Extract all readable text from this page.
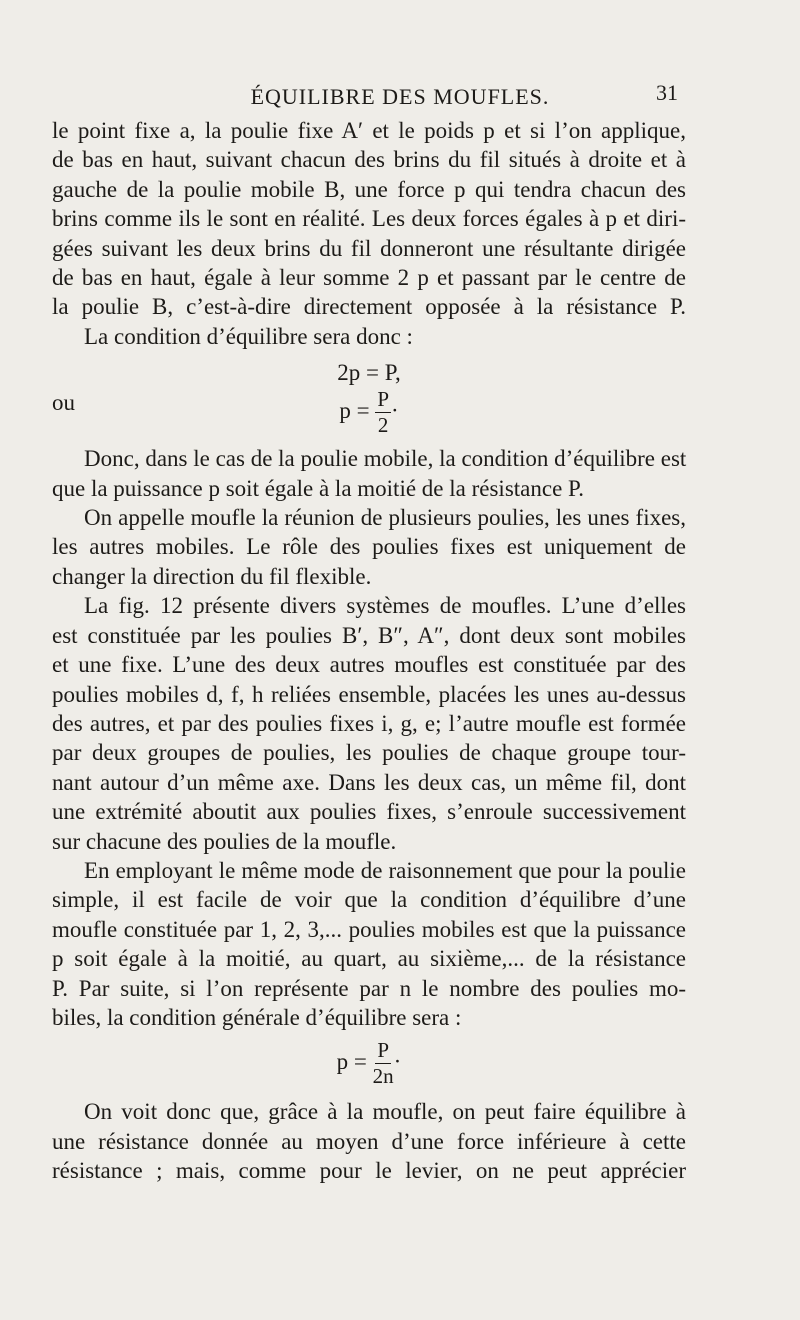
ÉQUILIBRE DES MOUFLES.	31
le point fixe a, la poulie fixe A′ et le poids p et si l’on applique,
de bas en haut, suivant chacun des brins du fil situés à droite et à
gauche de la poulie mobile B, une force p qui tendra chacun des
brins comme ils le sont en réalité. Les deux forces égales à p et diri-
gées suivant les deux brins du fil donneront une résultante dirigée
de bas en haut, égale à leur somme 2 p et passant par le centre de
la poulie B, c’est-à-dire directement opposée à la résistance P.
La condition d’équilibre sera donc :
2p = P,
ou	$p = \frac{P}{2}$ ·
Donc, dans le cas de la poulie mobile, la condition d’équilibre est
que la puissance p soit égale à la moitié de la résistance P.
On appelle moufle la réunion de plusieurs poulies, les unes fixes,
les autres mobiles. Le rôle des poulies fixes est uniquement de
changer la direction du fil flexible.
La fig. 12 présente divers systèmes de moufles. L’une d’elles
est constituée par les poulies B′, B″, A″, dont deux sont mobiles
et une fixe. L’une des deux autres moufles est constituée par des
poulies mobiles d, f, h reliées ensemble, placées les unes au-dessus
des autres, et par des poulies fixes i, g, e; l’autre moufle est formée
par deux groupes de poulies, les poulies de chaque groupe tour-
nant autour d’un même axe. Dans les deux cas, un même fil, dont
une extrémité aboutit aux poulies fixes, s’enroule successivement
sur chacune des poulies de la moufle.
En employant le même mode de raisonnement que pour la poulie
simple, il est facile de voir que la condition d’équilibre d’une
moufle constituée par 1, 2, 3,... poulies mobiles est que la puissance
p soit égale à la moitié, au quart, au sixième,... de la résistance
P. Par suite, si l’on représente par n le nombre des poulies mo-
biles, la condition générale d’équilibre sera :
$p = \frac{P}{2n}$ ·
On voit donc que, grâce à la moufle, on peut faire équilibre à
une résistance donnée au moyen d’une force inférieure à cette
résistance ; mais, comme pour le levier, on ne peut apprécier
